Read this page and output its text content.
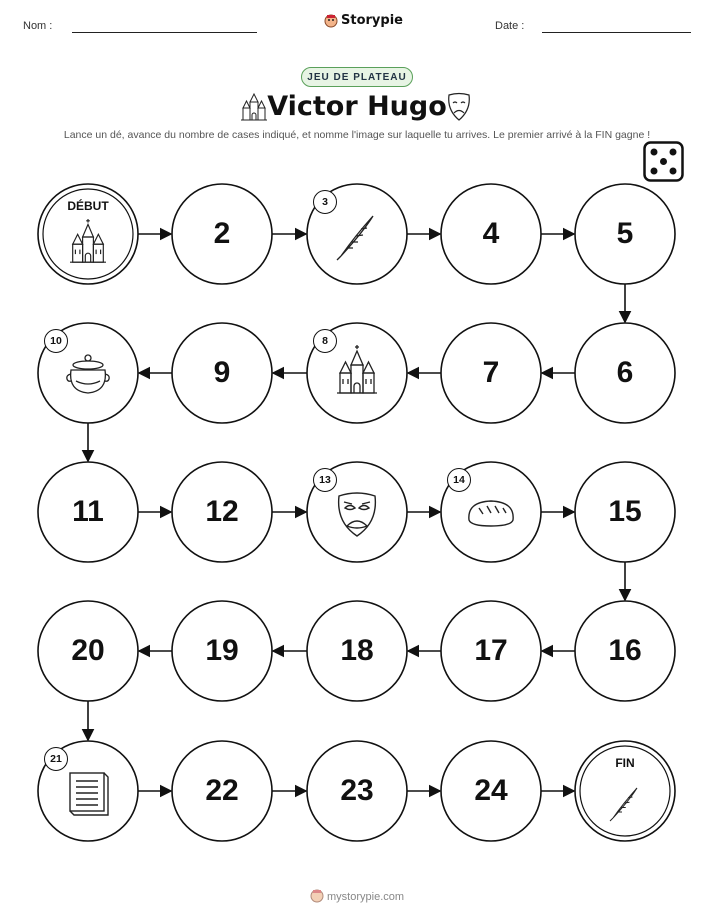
Nom :	Storypie	Date :
JEU DE PLATEAU
Victor Hugo
Lance un dé, avance du nombre de cases indiqué, et nomme l'image sur laquelle tu arrives. Le premier arrivé à la FIN gagne !
DÉBUT
2
3
4	5
6
7
8
9
10
11	12
13	14
15
16
17
18
19
20
21
22	23	24
FIN
mystorypie.com
